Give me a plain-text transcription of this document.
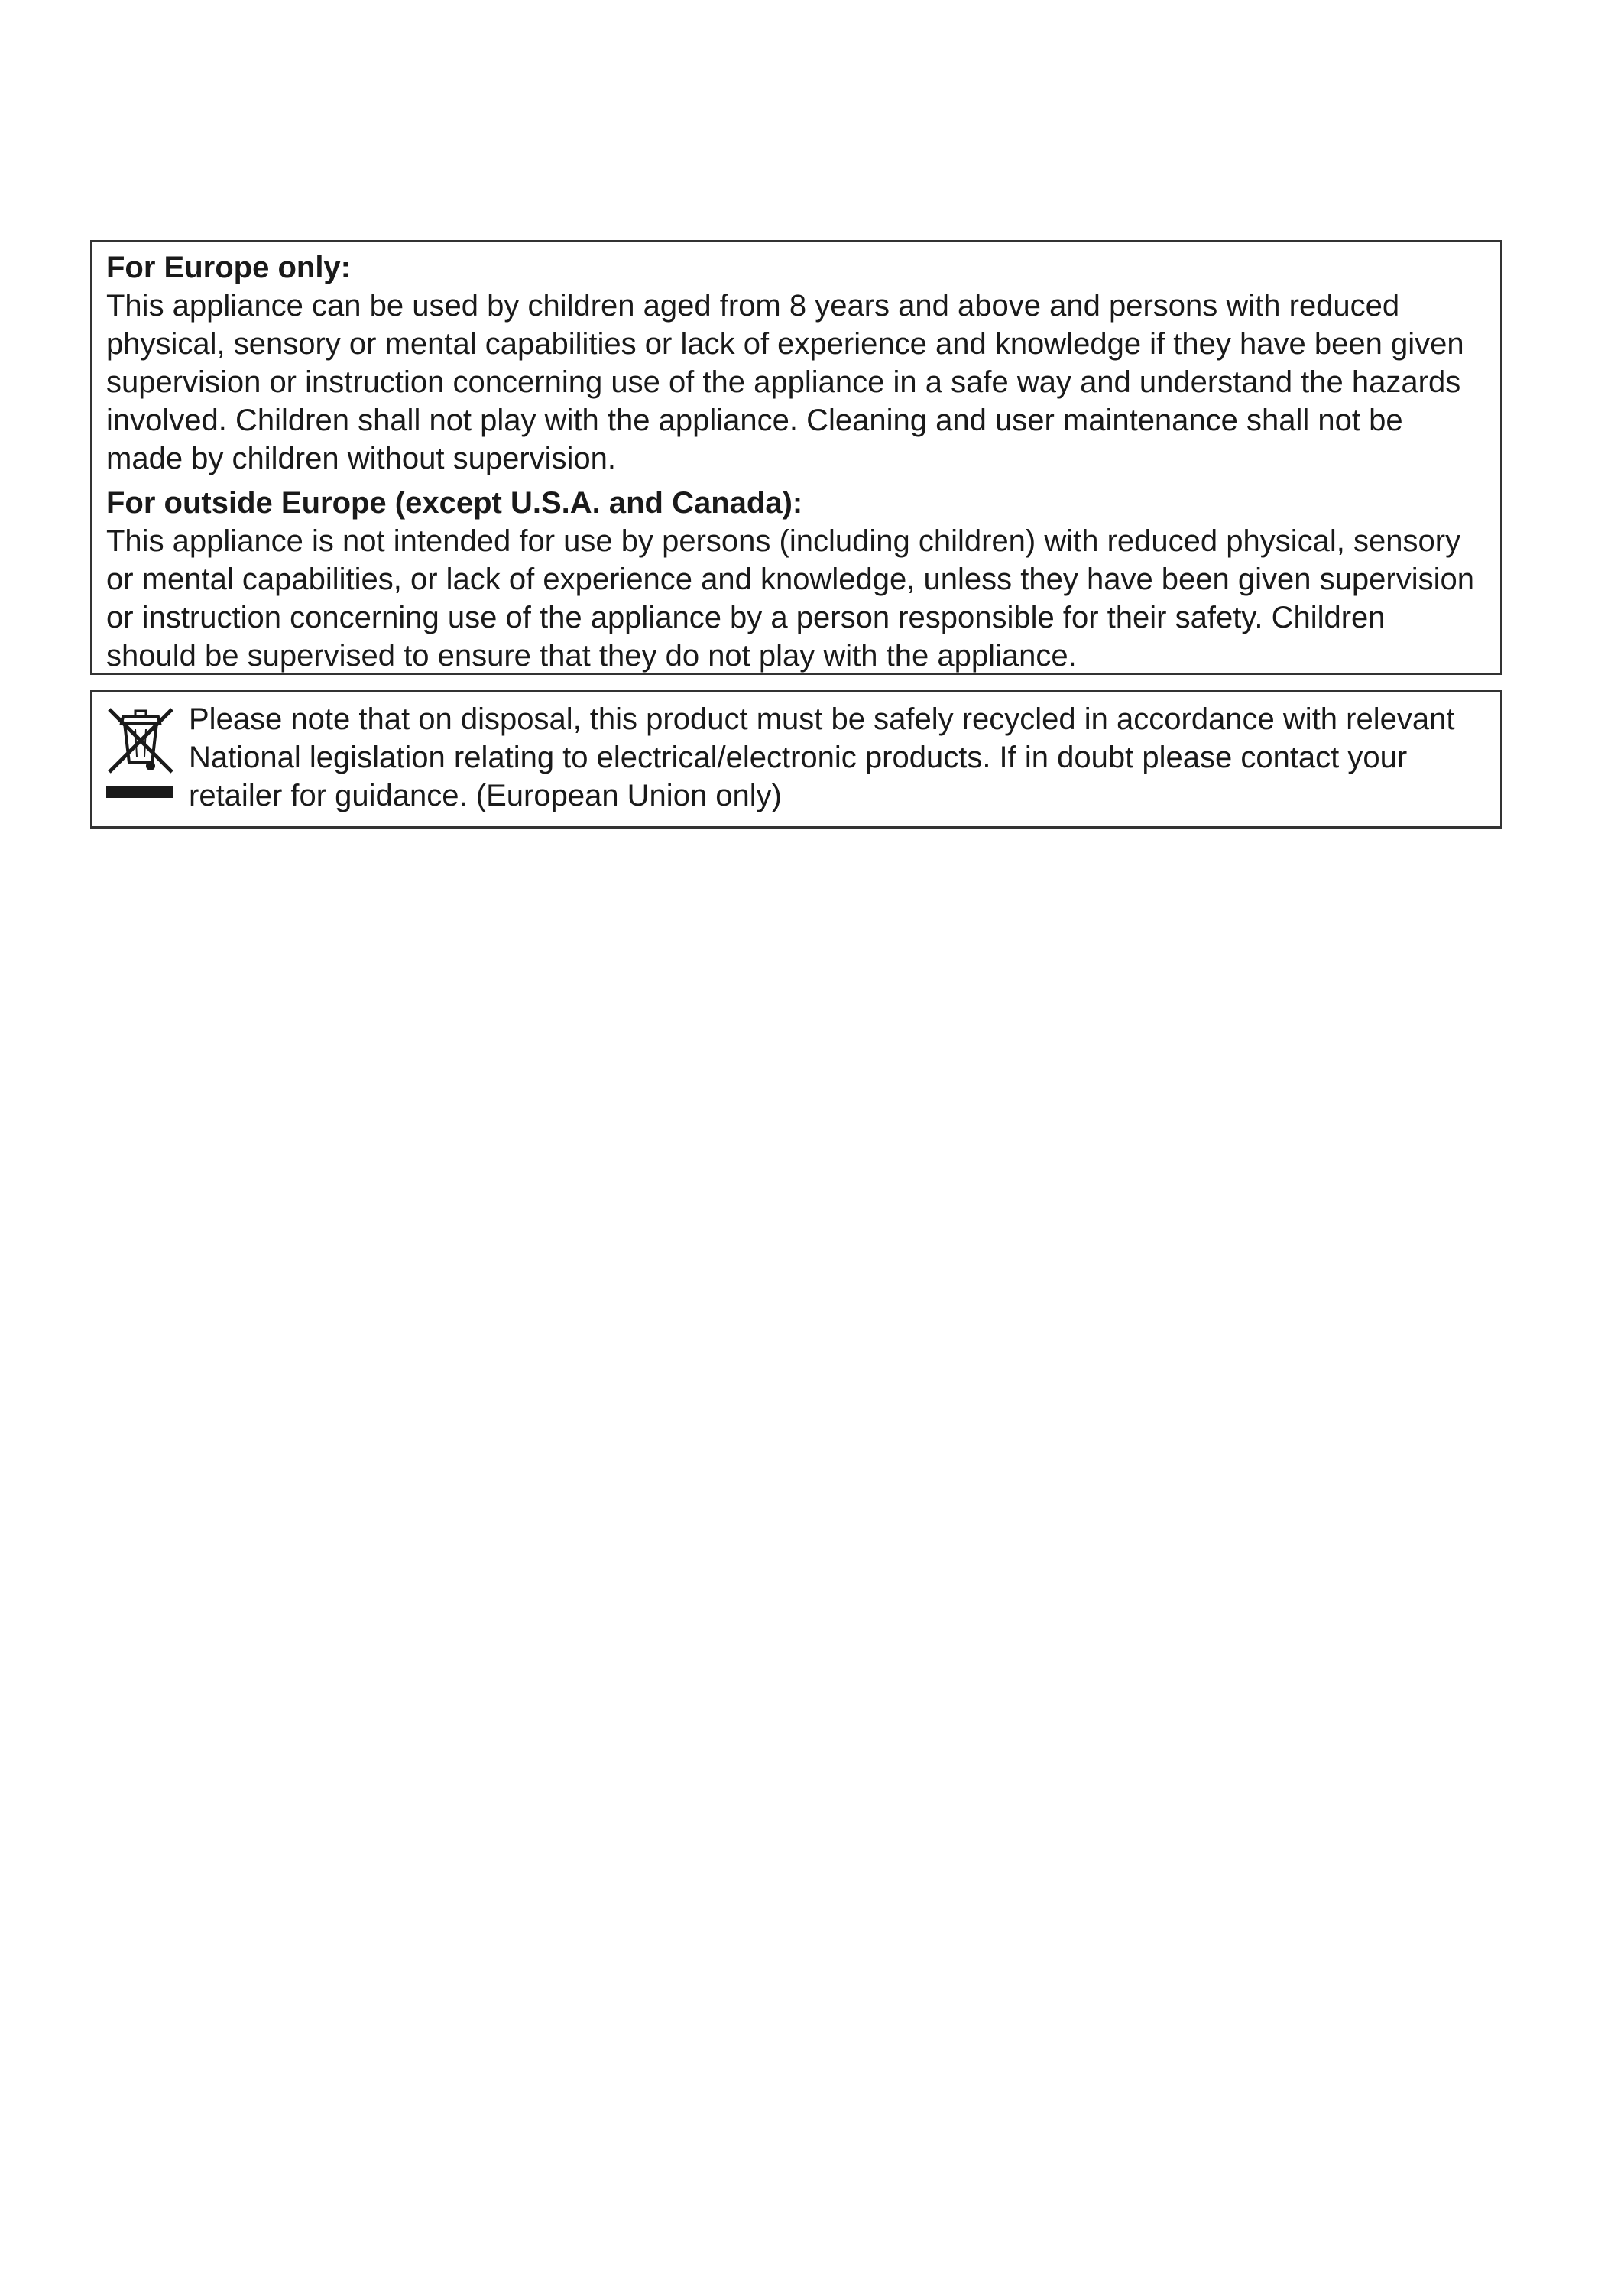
For Europe only:

This appliance can be used by children aged from 8 years and above and persons with reduced physical, sensory or mental capabilities or lack of experience and knowledge if they have been given supervision or instruction concerning use of the appliance in a safe way and understand the hazards involved. Children shall not play with the appliance. Cleaning and user maintenance shall not be made by children without supervision.

For outside Europe (except U.S.A. and Canada):

This appliance is not intended for use by persons (including children) with reduced physical, sensory or mental capabilities, or lack of experience and knowledge, unless they have been given supervision or instruction concerning use of the appliance by a person responsible for their safety. Children should be supervised to ensure that they do not play with the appliance.

Please note that on disposal, this product must be safely recycled in accordance with relevant National legislation relating to electrical/electronic products. If in doubt please contact your retailer for guidance. (European Union only)
